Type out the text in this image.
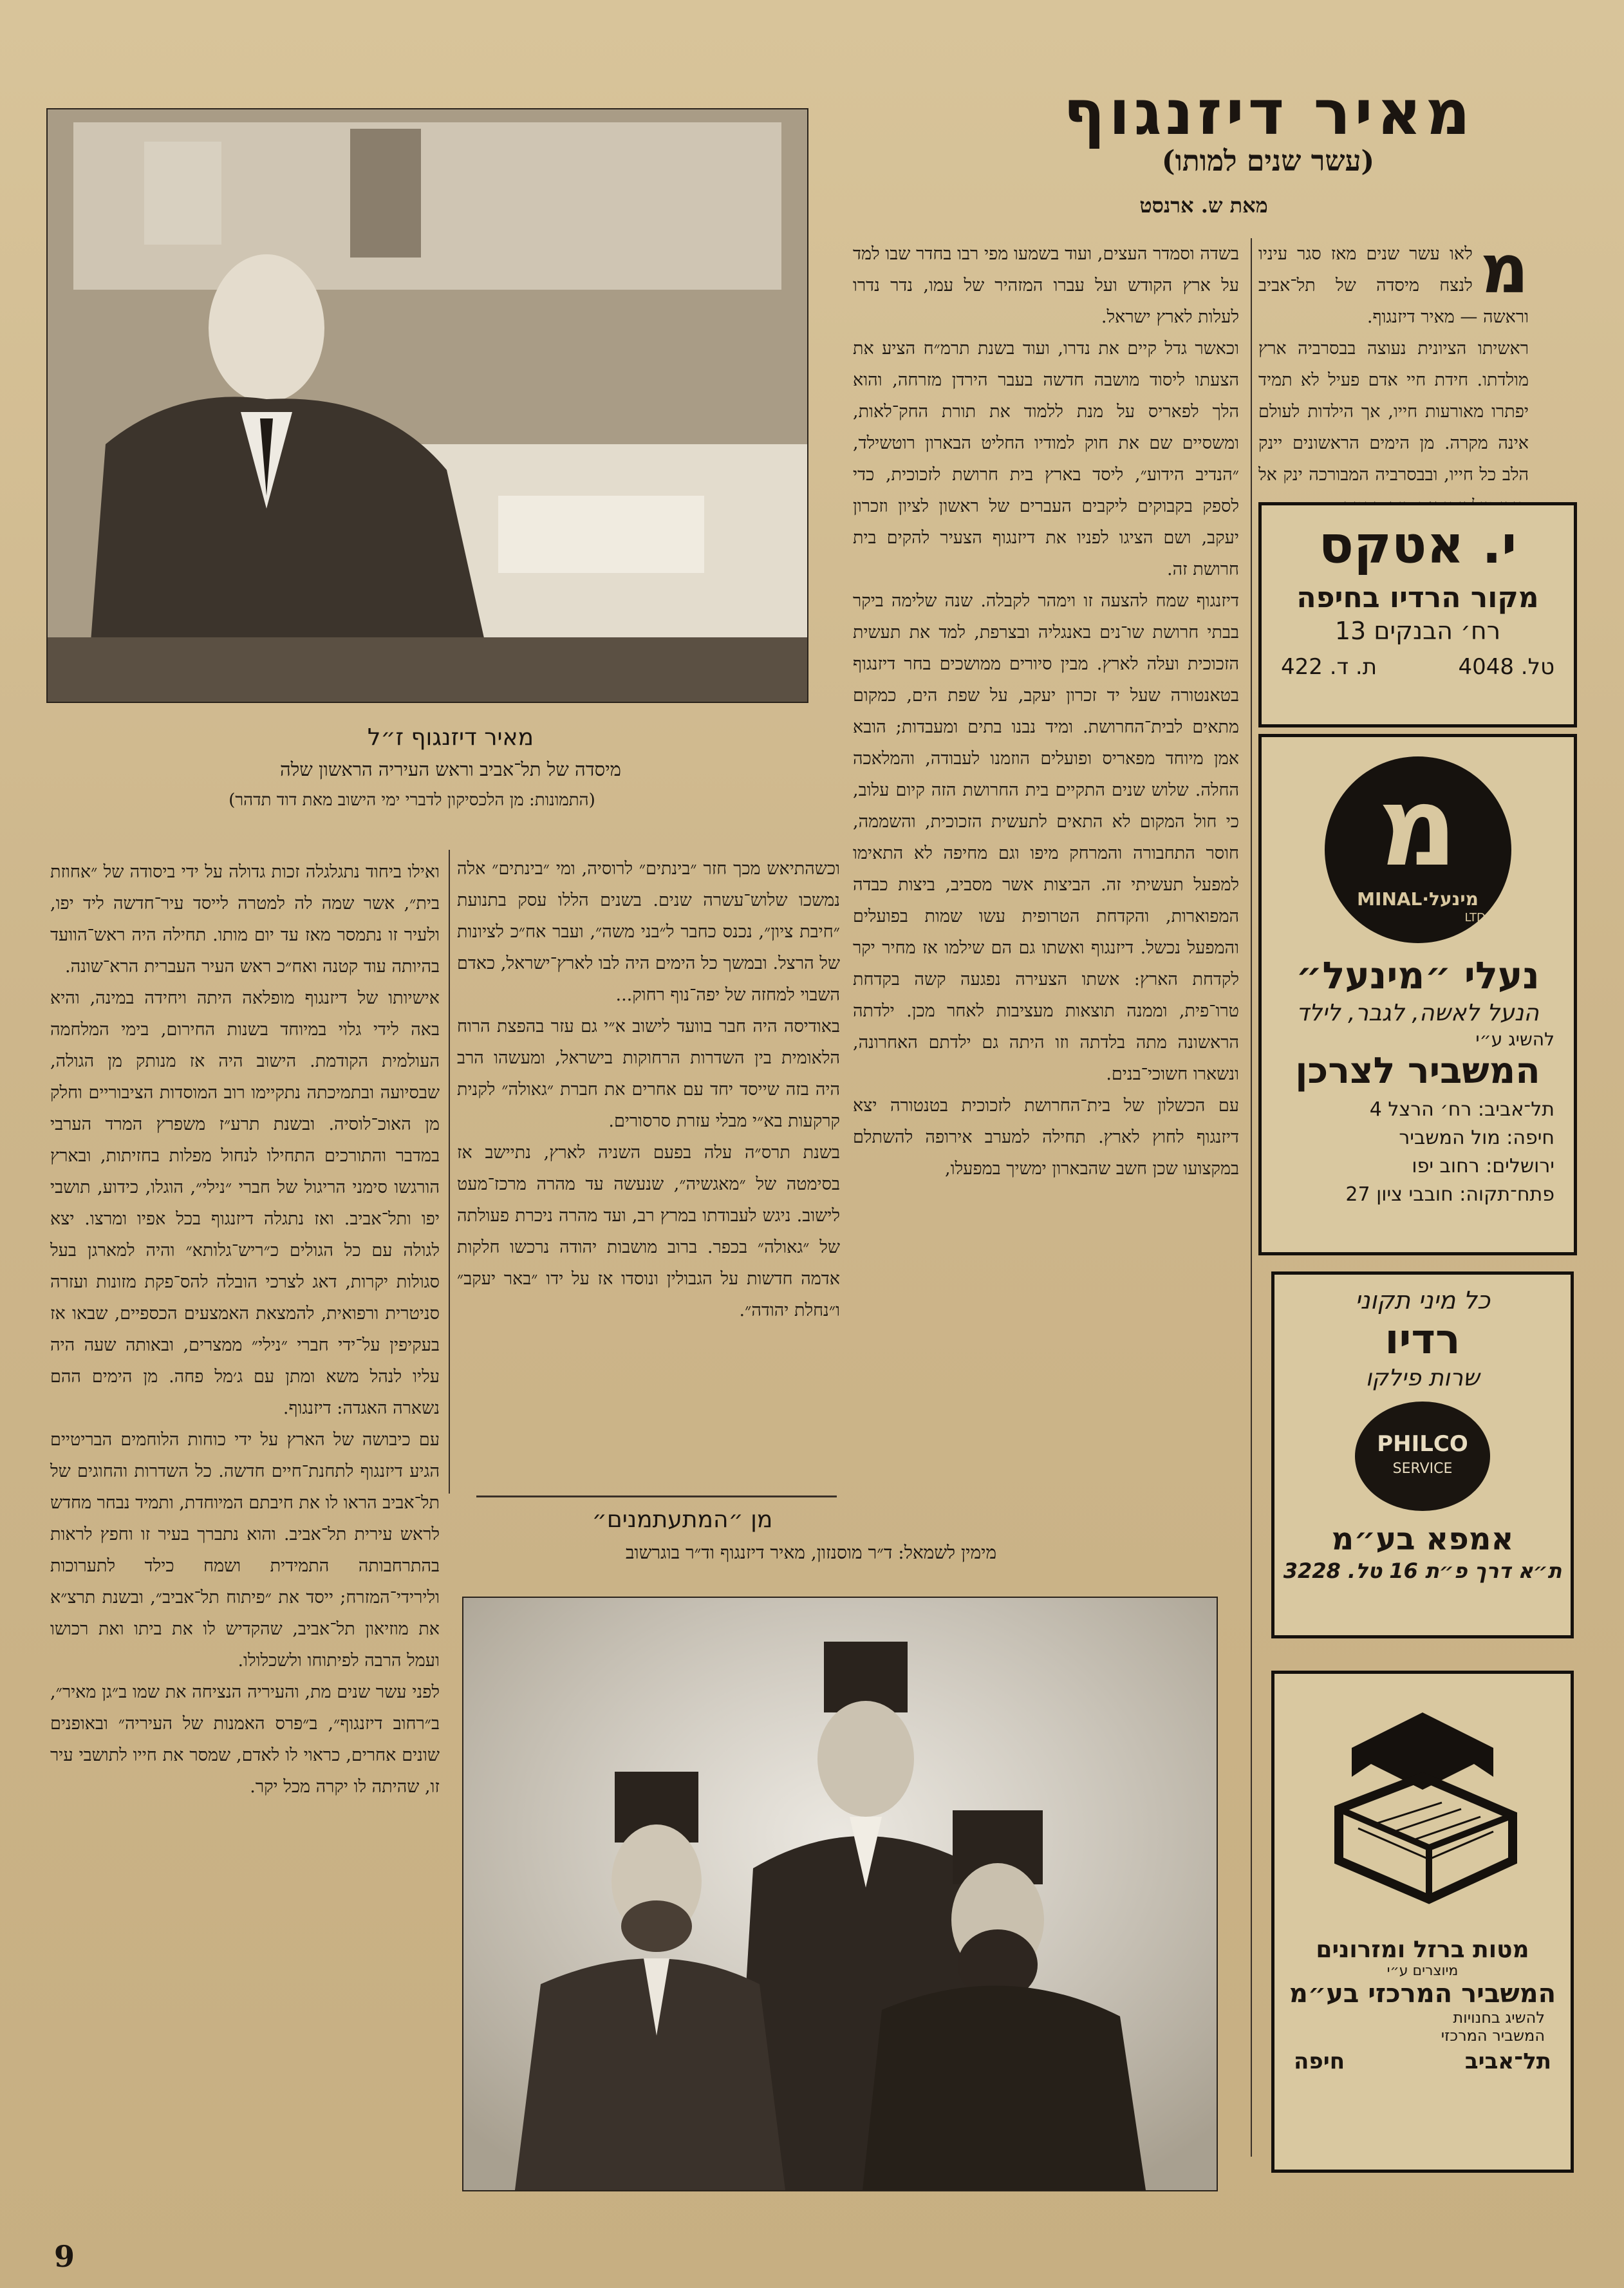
מאיר דיזנגוף
(עשר שנים למותו)
מאת ש. ארנסט
מאיר דיזנגוף ז״ל
מיסדה של תל־אביב וראש העיריה הראשון שלה
(התמונות: מן הלכסיקון לדברי ימי הישוב מאת דוד תדהר)
מ
לאו עשר שנים מאז סגר עיניו לנצח מיסדה של תל־אביב וראשה — מאיר דיזנגוף.
ראשיתו הציונית נעוצה בבסרביה ארץ מולדתו. חידת חיי אדם פעיל לא תמיד יפתרו מאורעות חייו, אך הילדות לעולם אינה מקרה. מן הימים הראשונים יינק הלב כל חייו, ובבסרביה המבורכה ינק אל
בשדה וסמדר העצים, ועוד בשמעו מפי רבו בחדר שבו למד על ארץ הקודש ועל עברו המזהיר של עמו, נדר נדרו לעלות לארץ ישראל.
וכאשר גדל קיים את נדרו, ועוד בשנת תרמ״ח הציע את הצעתו ליסוד מושבה חדשה בעבר הירדן מזרחה, והוא הלך לפאריס על מנת ללמוד את תורת החק־לאות, ומשסיים שם את חוק למודיו החליט הבארון רוטשילד, ״הנדיב הידוע״, ליסד בארץ בית חרושת לזכוכית, כדי לספק בקבוקים ליקבים העברים של ראשון לציון וזכרון יעקב, ושם הציגו לפניו את דיזנגוף הצעיר להקים בית חרושת זה.
דיזנגוף שמח להצעה זו וימהר לקבלה. שנה שלימה ביקר בבתי חרושת שו־נים באנגליה ובצרפת, למד את תעשית הזכוכית ועלה לארץ. מבין סיורים ממושכים בחר דיזנגוף בטאנטורה שעל יד זכרון יעקב, על שפת הים, כמקום מתאים לבית־החרושת. ומיד נבנו בתים ומעבדות; הובא אמן מיוחד מפאריס ופועלים הוזמנו לעבודה, והמלאכה החלה. שלוש שנים התקיים בית החרושת הזה קיום עלוב, כי חול המקום לא התאים לתעשית הזכוכית, והשממה, חוסר התחבורה והמרחק מיפו וגם מחיפה לא התאימו למפעל תעשיתי זה. הביצות אשר מסביב, ביצות כבדה המפוארות, והקדחת הטרופית עשו שמות בפועלים והמפעל נכשל. דיזנגוף ואשתו גם הם שילמו אז מחיר יקר לקדחת הארץ: אשתו הצעירה נפגעה קשה בקדחת טרו־פית, וממנה תוצאות מעציבות לאחר מכן. ילדתה הראשונה מתה בלדתה וזו היתה גם ילדתם האחרונה, ונשארו חשוכי־בנים.
עם הכשלון של בית־החרושת לזכוכית בטנטורה יצא דיזנגוף לחוץ לארץ. תחילה למערב אירופה להשתלם במקצועו שכן חשב שהבארון ימשיך במפעלו,
וכשהתיאש מכך חזר ״בינתים״ לרוסיה, ומי ״בינתים״ אלה נמשכו שלוש־עשרה שנים. בשנים הללו עסק בתנועת ״חיבת ציון״, נכנס כחבר ל״בני משה״, ועבר אח״כ לציונות של הרצל. ובמשך כל הימים היה לבו לארץ־ישראל, כאדם השבוי למחזה של יפה־נוף רחוק...
באודיסה היה חבר בוועד לישוב א״י גם עזר בהפצת הרוח הלאומית בין השדרות הרחוקות בישראל, ומעשהו הרב היה בזה שייסד יחד עם אחרים את חברת ״גאולה״ לקנית קרקעות בא״י מבלי עזרת סרסורים.
בשנת תרס״ה עלה בפעם השניה לארץ, נתיישב אז בסימטה של ״מאגשיה״, שנעשה עד מהרה מרכז־מעט לישוב. ניגש לעבודתו במרץ רב, ועד מהרה ניכרת פעולתה של ״גאולה״ בכפר. ברוב מושבות יהודה נרכשו חלקות אדמה חדשות על הגבולין ונוסדו אז על ידו ״באר יעקב״ ו״נחלת יהודה״.
מן ״המתעתמנים״
מימין לשמאל: ד״ר מוסנזון, מאיר דיזנגוף וד״ר בוגרשוב
ואילו ביחוד נתגלגלה זכות גדולה על ידי ביסודה של ״אחוזת בית״, אשר שמה לה למטרה לייסד עיר־חדשה ליד יפו, ולעיר זו נתמסר מאז עד יום מותו. תחילה היה ראש־הוועד בהיותה עוד קטנה ואח״כ ראש העיר העברית הרא־שונה.
אישיותו של דיזנגוף מופלאה היתה ויחידה במינה, והיא באה לידי גלוי במיוחד בשנות החירום, בימי המלחמה העולמית הקודמת. הישוב היה אז מנותק מן הגולה, שבסיועה ובתמיכתה נתקיימו רוב המוסדות הציבוריים וחלק מן האוכ־לוסיה. ובשנת תרע״ז משפרץ המרד הערבי במדבר והתורכים התחילו לנחול מפלות בחזיתות, ובארץ הורגשו סימני הריגול של חברי ״נילי״, הוגלו, כידוע, תושבי יפו ותל־אביב. ואז נתגלה דיזנגוף בכל אפיו ומרצו. יצא לגולה עם כל הגולים כ״ריש־גלותא״ והיה למארגן בעל סגולות יקרות, דאג לצרכי הובלה להס־פקת מזונות ועזרה סניטרית ורפואית, להמצאת האמצעים הכספיים, שבאו אז בעקיפין על־ידי חברי ״נילי״ ממצרים, ובאותה שעה היה עליו לנהל משא ומתן עם ג׳מל פחה. מן הימים ההם נשארה האגדה: דיזנגוף.
עם כיבושה של הארץ על ידי כוחות הלוחמים הבריטיים הגיע דיזנגוף לתחנת־חיים חדשה. כל השדרות והחוגים של תל־אביב הראו לו את חיבתם המיוחדת, ותמיד נבחר מחדש לראש עירית תל־אביב. והוא נתברך בעיר זו וחפץ לראות בהתרחבותה התמידית ושמח כילד לתערוכות ולירידי־המזרח; ייסד את ״פיתוח תל־אביב״, ובשנת תרצ״א את מוזיאון תל־אביב, שהקדיש לו את ביתו ואת רכושו ועמל הרבה לפיתוחו ולשכלולו.
לפני עשר שנים מת, והעיריה הנציחה את שמו ב״גן מאיר״, ב״רחוב דיזנגוף״, ב״פרס האמנות של העיריה״ ובאופנים שונים אחרים, כראוי לו לאדם, שמסר את חייו לתושבי עיר זו, שהיתה לו יקרה מכל יקר.
י. אטקס
מקור הרדיו בחיפה
רח׳ הבנקים 13
טל. 4048
ת. ד. 422
מ
MINAL·מינעל
LTD
נעלי ״מינעל״
הנעל לאשה, לגבר, לילד
להשיג ע״י
המשביר לצרכן
תל־אביב: רח׳ הרצל 4
חיפה: מול המשביר
ירושלים: רחוב יפו
פתח־תקוה: חובבי ציון 27
כל מיני תקוני
רדיו
שרות פילקו
PHILCO
SERVICE
אמפא בע״מ
ת״א דרך פ״ת 16 טל. 3228
מטות ברזל ומזרונים
מיוצרים ע״י
המשביר המרכזי בע״מ
להשיג בחנויות
המשביר המרכזי
תל־אביב
חיפה
9
